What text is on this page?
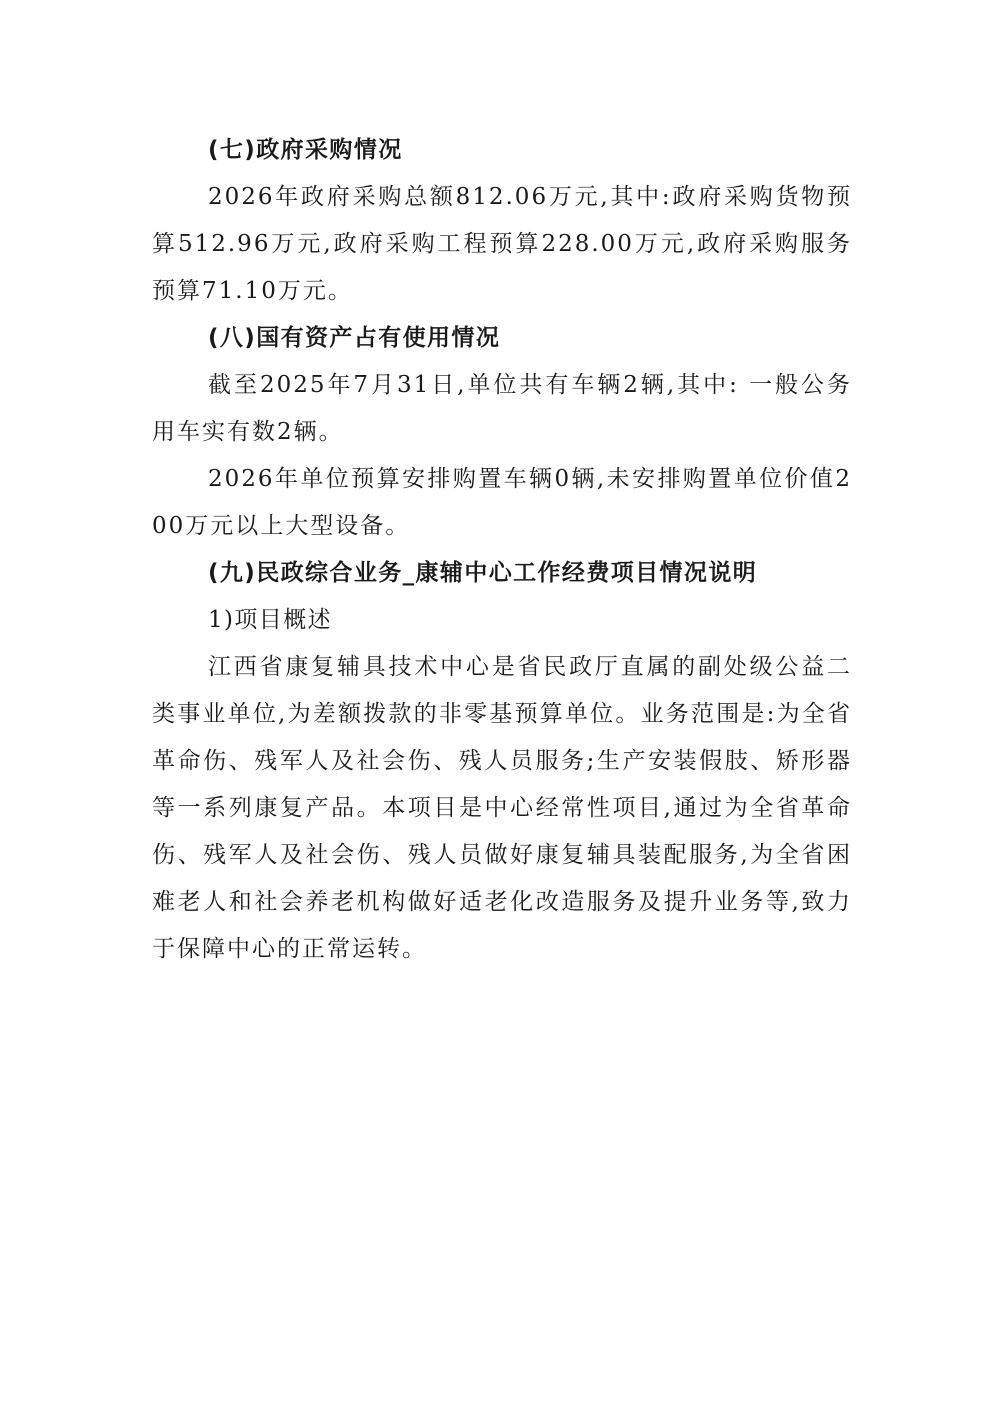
(七)政府采购情况

2026年政府采购总额812.06万元,其中:政府采购货物预算512.96万元,政府采购工程预算228.00万元,政府采购服务预算71.10万元。

(八)国有资产占有使用情况

截至2025年7月31日,单位共有车辆2辆,其中: 一般公务用车实有数2辆。

2026年单位预算安排购置车辆0辆,未安排购置单位价值200万元以上大型设备。

(九)民政综合业务_康辅中心工作经费项目情况说明

1)项目概述

江西省康复辅具技术中心是省民政厅直属的副处级公益二类事业单位,为差额拨款的非零基预算单位。业务范围是:为全省革命伤、残军人及社会伤、残人员服务;生产安装假肢、矫形器等一系列康复产品。本项目是中心经常性项目,通过为全省革命伤、残军人及社会伤、残人员做好康复辅具装配服务,为全省困难老人和社会养老机构做好适老化改造服务及提升业务等,致力于保障中心的正常运转。
